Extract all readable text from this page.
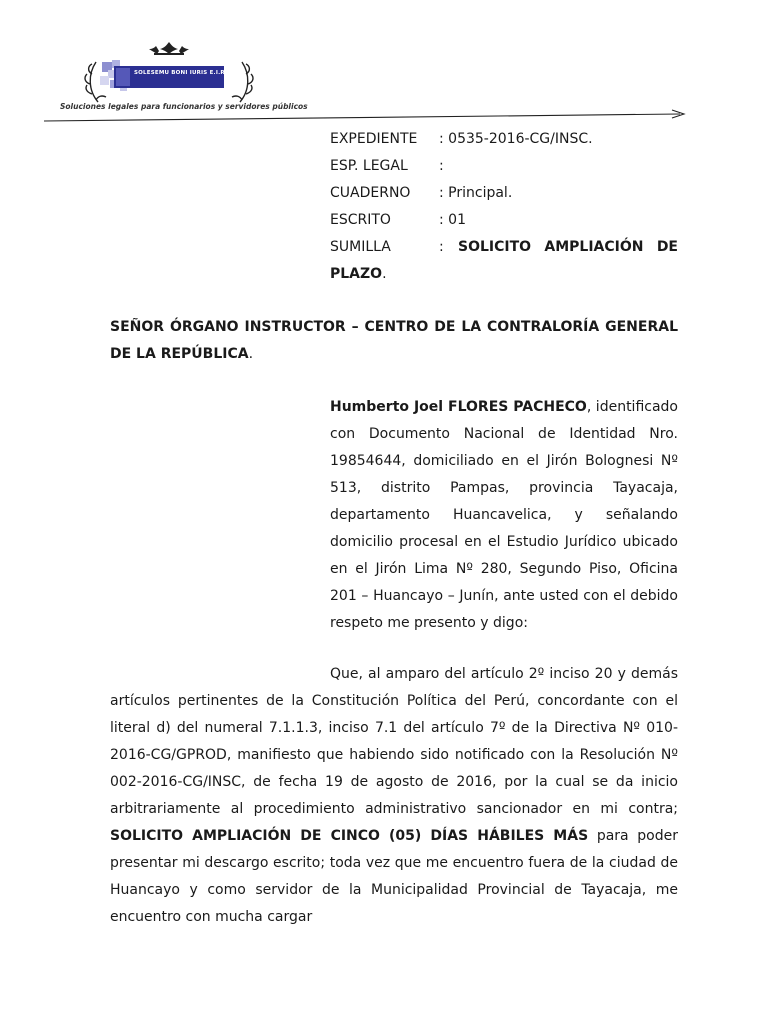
SOLESEMU BONI IURIS E.I.R.L.
Soluciones legales para funcionarios y servidores públicos
EXPEDIENTE : 0535-2016-CG/INSC.
ESP. LEGAL :
CUADERNO : Principal.
ESCRITO	: 01
SUMILLA	: SOLICITO AMPLIACIÓN DE
PLAZO.
SEÑOR ÓRGANO INSTRUCTOR – CENTRO DE LA CONTRALORÍA GENERAL DE LA REPÚBLICA.
Humberto Joel FLORES PACHECO, identificado con Documento Nacional de Identidad Nro. 19854644, domiciliado en el Jirón Bolognesi Nº 513, distrito Pampas, provincia Tayacaja, departamento Huancavelica, y señalando domicilio procesal en el Estudio Jurídico ubicado en el Jirón Lima Nº 280, Segundo Piso, Oficina 201 – Huancayo – Junín, ante usted con el debido respeto me presento y digo:
Que, al amparo del artículo 2º inciso 20 y demás artículos pertinentes de la Constitución Política del Perú, concordante con el literal d) del numeral 7.1.1.3, inciso 7.1 del artículo 7º de la Directiva Nº 010-2016-CG/GPROD, manifiesto que habiendo sido notificado con la Resolución Nº 002-2016-CG/INSC, de fecha 19 de agosto de 2016, por la cual se da inicio arbitrariamente al procedimiento administrativo sancionador en mi contra; SOLICITO AMPLIACIÓN DE CINCO (05) DÍAS HÁBILES MÁS para poder presentar mi descargo escrito; toda vez que me encuentro fuera de la ciudad de Huancayo y como servidor de la Municipalidad Provincial de Tayacaja, me encuentro con mucha cargar
